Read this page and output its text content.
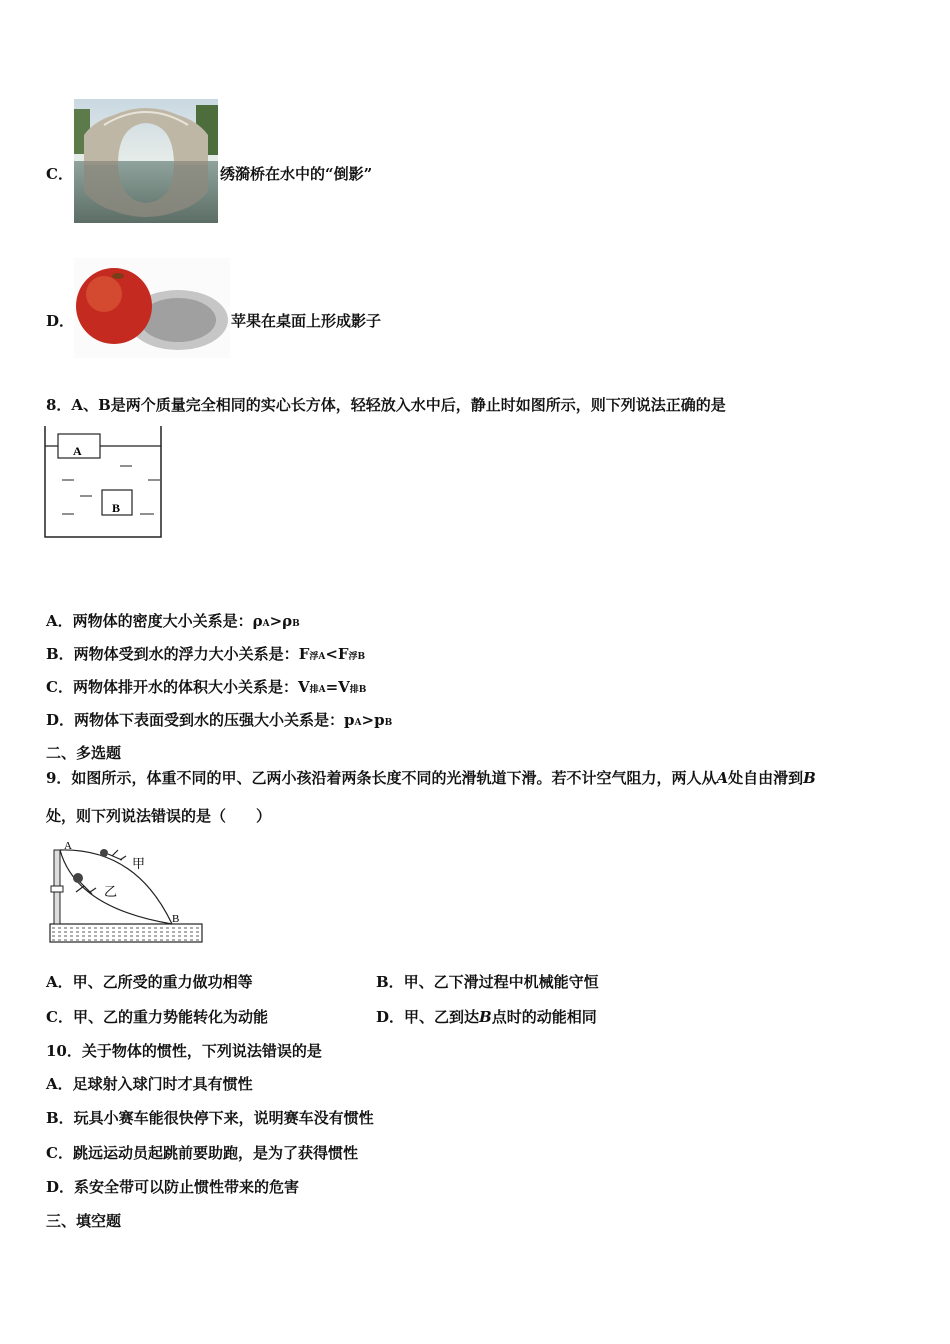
C．	绣漪桥在水中的“倒影”
D．	苹果在桌面上形成影子
8．A、B是两个质量完全相同的实心长方体，轻轻放入水中后，静止时如图所示，则下列说法正确的是
A
B
A．两物体的密度大小关系是：ρA>ρB
B．两物体受到水的浮力大小关系是：F浮A<F浮B
C．两物体排开水的体积大小关系是：V排A=V排B
D．两物体下表面受到水的压强大小关系是：pA>pB
二、多选题
9．如图所示，体重不同的甲、乙两小孩沿着两条长度不同的光滑轨道下滑。若不计空气阻力，两人从A处自由滑到B
处，则下列说法错误的是（　　）
A
B
甲
乙
A．甲、乙所受的重力做功相等	B．甲、乙下滑过程中机械能守恒
C．甲、乙的重力势能转化为动能	D．甲、乙到达B点时的动能相同
10．关于物体的惯性，下列说法错误的是
A．足球射入球门时才具有惯性
B．玩具小赛车能很快停下来，说明赛车没有惯性
C．跳远运动员起跳前要助跑，是为了获得惯性
D．系安全带可以防止惯性带来的危害
三、填空题
